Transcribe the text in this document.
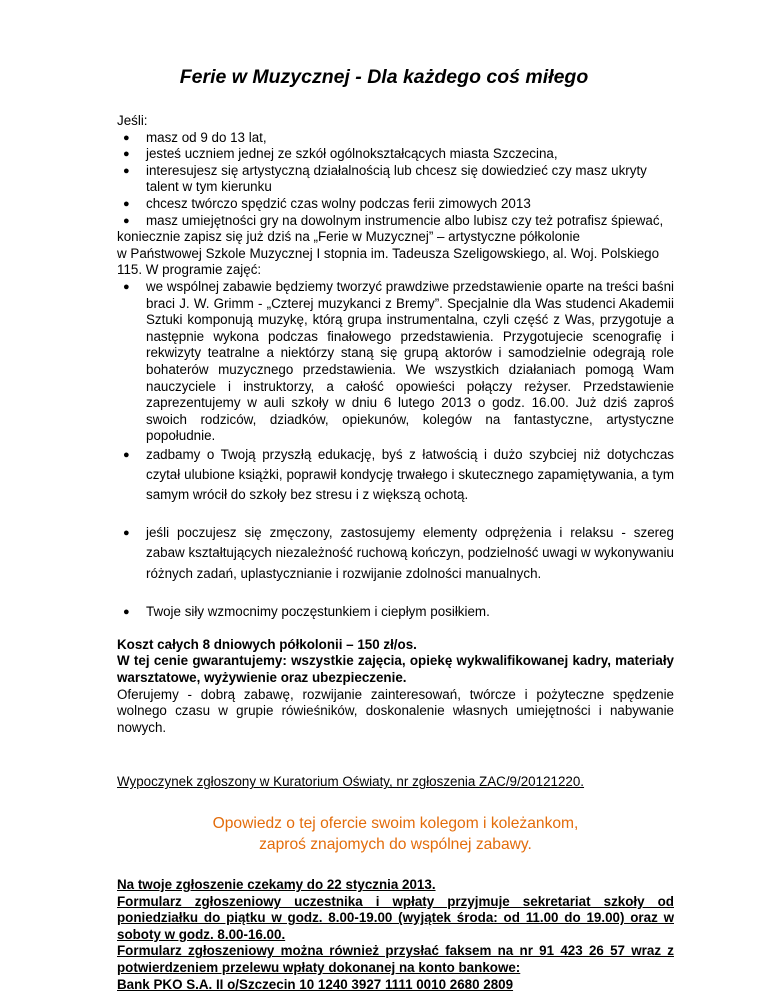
Ferie w Muzycznej - Dla każdego coś miłego

Jeśli:

● masz od 9 do 13 lat,
● jesteś uczniem jednej ze szkół ogólnokształcących miasta Szczecina,
● interesujesz się artystyczną działalnością lub chcesz się dowiedzieć czy masz ukryty talent w tym kierunku
● chcesz twórczo spędzić czas wolny podczas ferii zimowych 2013
● masz umiejętności gry na dowolnym instrumencie albo lubisz czy też potrafisz śpiewać,

koniecznie zapisz się już dziś na „Ferie w Muzycznej” – artystyczne półkolonie

w Państwowej Szkole Muzycznej I stopnia im. Tadeusza Szeligowskiego, al. Woj. Polskiego 115. W programie zajęć:

● we wspólnej zabawie będziemy tworzyć prawdziwe przedstawienie oparte na treści baśni braci J. W. Grimm - „Czterej muzykanci z Bremy”. Specjalnie dla Was studenci Akademii Sztuki komponują muzykę, którą grupa instrumentalna, czyli część z Was, przygotuje a następnie wykona podczas finałowego przedstawienia. Przygotujecie scenografię i rekwizyty teatralne a niektórzy staną się grupą aktorów i samodzielnie odegrają role bohaterów muzycznego przedstawienia. We wszystkich działaniach pomogą Wam nauczyciele i instruktorzy, a całość opowieści połączy reżyser. Przedstawienie zaprezentujemy w auli szkoły w dniu 6 lutego 2013 o godz. 16.00. Już dziś zaproś swoich rodziców, dziadków, opiekunów, kolegów na fantastyczne, artystyczne popołudnie.
● zadbamy o Twoją przyszłą edukację, byś z łatwością i dużo szybciej niż dotychczas czytał ulubione książki, poprawił kondycję trwałego i skutecznego zapamiętywania, a tym samym wrócił do szkoły bez stresu i z większą ochotą.
● jeśli poczujesz się zmęczony, zastosujemy elementy odprężenia i relaksu - szereg zabaw kształtujących niezależność ruchową kończyn, podzielność uwagi w wykonywaniu różnych zadań, uplastycznianie i rozwijanie zdolności manualnych.
● Twoje siły wzmocnimy poczęstunkiem i ciepłym posiłkiem.

Koszt całych 8 dniowych półkolonii – 150 zł/os.

W tej cenie gwarantujemy: wszystkie zajęcia, opiekę wykwalifikowanej kadry, materiały warsztatowe, wyżywienie oraz ubezpieczenie.

Oferujemy - dobrą zabawę, rozwijanie zainteresowań, twórcze i pożyteczne spędzenie wolnego czasu w grupie rówieśników, doskonalenie własnych umiejętności i nabywanie nowych.

Wypoczynek zgłoszony w Kuratorium Oświaty, nr zgłoszenia ZAC/9/20121220.

Opowiedz o tej ofercie swoim kolegom i koleżankom,

zaproś znajomych do wspólnej zabawy.

Na twoje zgłoszenie czekamy do 22 stycznia 2013.

Formularz zgłoszeniowy uczestnika i wpłaty przyjmuje sekretariat szkoły od poniedziałku do piątku w godz. 8.00-19.00 (wyjątek środa: od 11.00 do 19.00) oraz w soboty w godz. 8.00-16.00.

Formularz zgłoszeniowy można również przysłać faksem na nr 91 423 26 57 wraz z potwierdzeniem przelewu wpłaty dokonanej na konto bankowe:

Bank PKO S.A. II o/Szczecin 10 1240 3927 1111 0010 2680 2809
